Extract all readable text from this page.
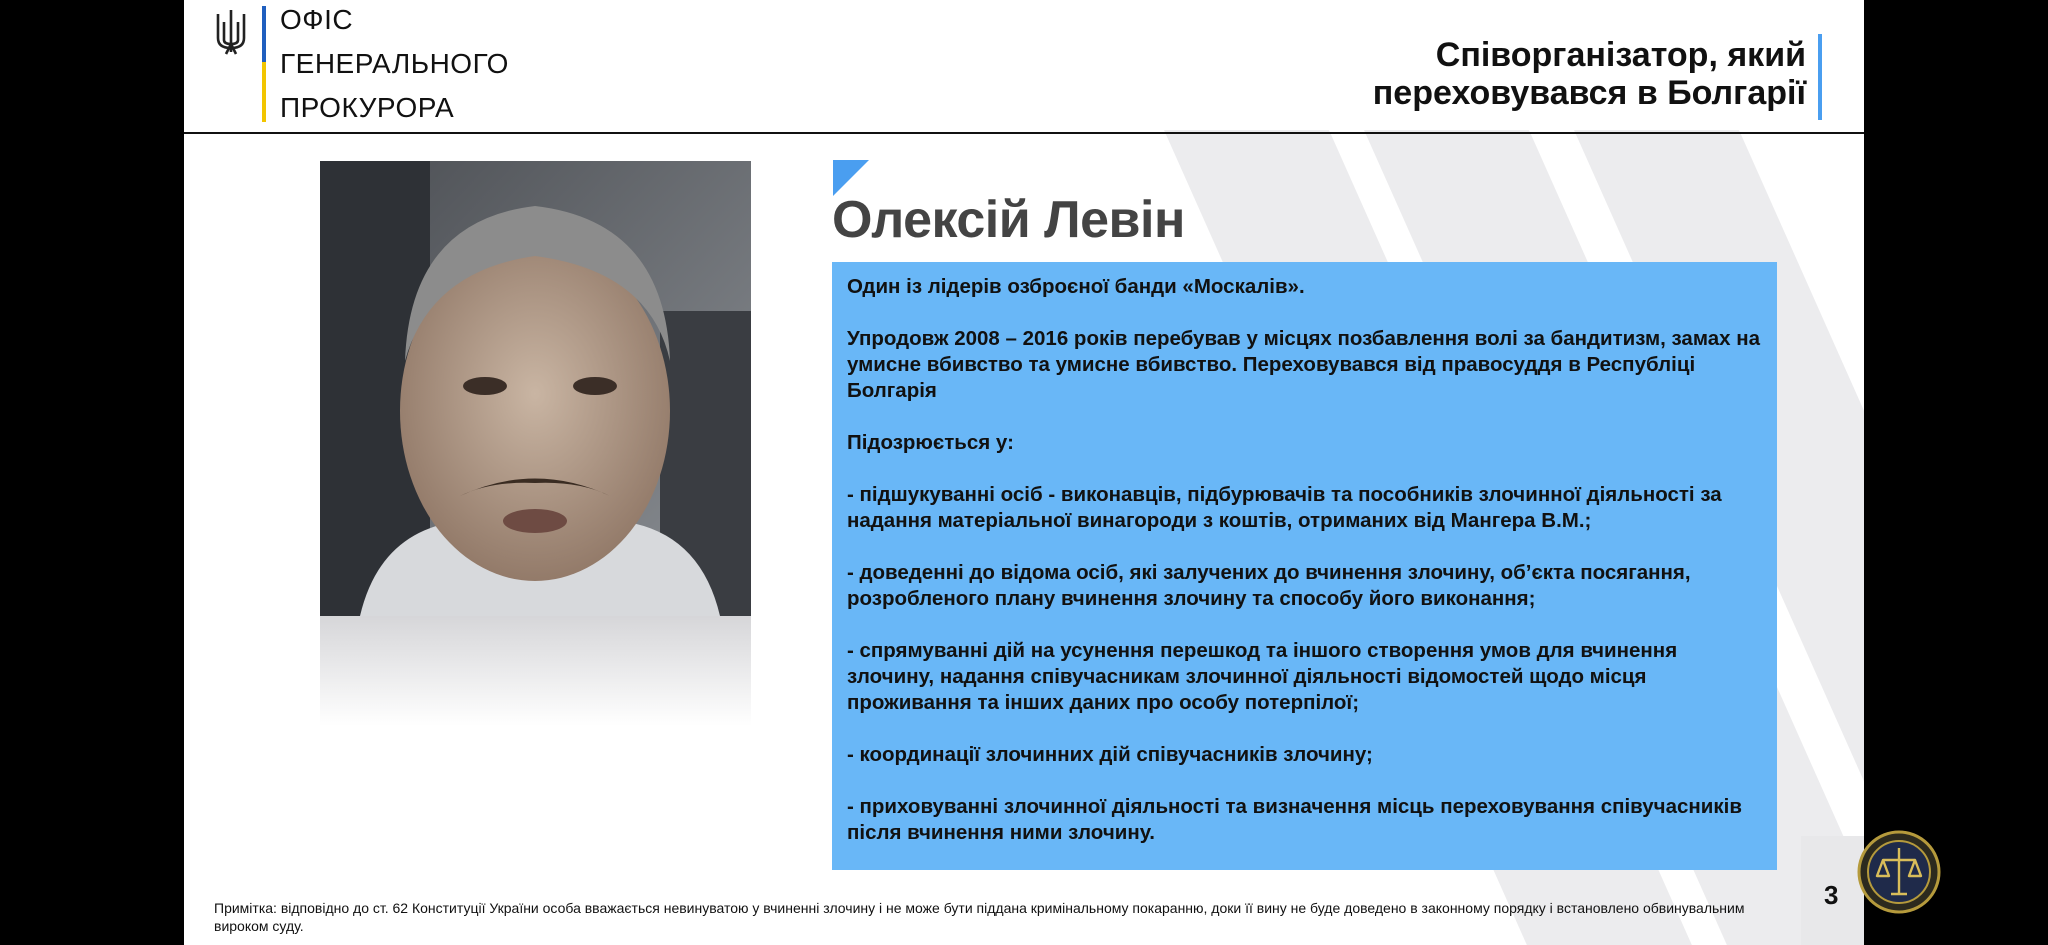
ОФІС
ГЕНЕРАЛЬНОГО
ПРОКУРОРА
Співорганізатор, який
переховувався в Болгарії
Олексій Левін

Один із лідерів озброєної банди «Москалів».

Упродовж 2008 – 2016 років перебував у місцях позбавлення волі за бандитизм, замах на умисне вбивство та умисне вбивство. Переховувався від правосуддя в Республіці Болгарія

Підозрюється у:

- підшукуванні осіб - виконавців, підбурювачів та пособників злочинної діяльності за надання матеріальної винагороди з коштів, отриманих від Мангера В.М.;

- доведенні до відома осіб, які залучених до вчинення злочину, об’єкта посягання, розробленого плану вчинення злочину та способу його виконання;

- спрямуванні дій на усунення перешкод та іншого створення умов для вчинення злочину, надання співучасникам злочинної діяльності відомостей щодо місця проживання та інших даних про особу потерпілої;

- координації злочинних дій співучасників злочину;

- приховуванні злочинної діяльності та визначення місць переховування співучасників після вчинення ними злочину.

Примітка: відповідно до ст. 62 Конституції України особа вважається невинуватою у вчиненні злочину і не може бути піддана кримінальному покаранню, доки її вину не буде доведено в законному порядку і встановлено обвинувальним вироком суду.
3
